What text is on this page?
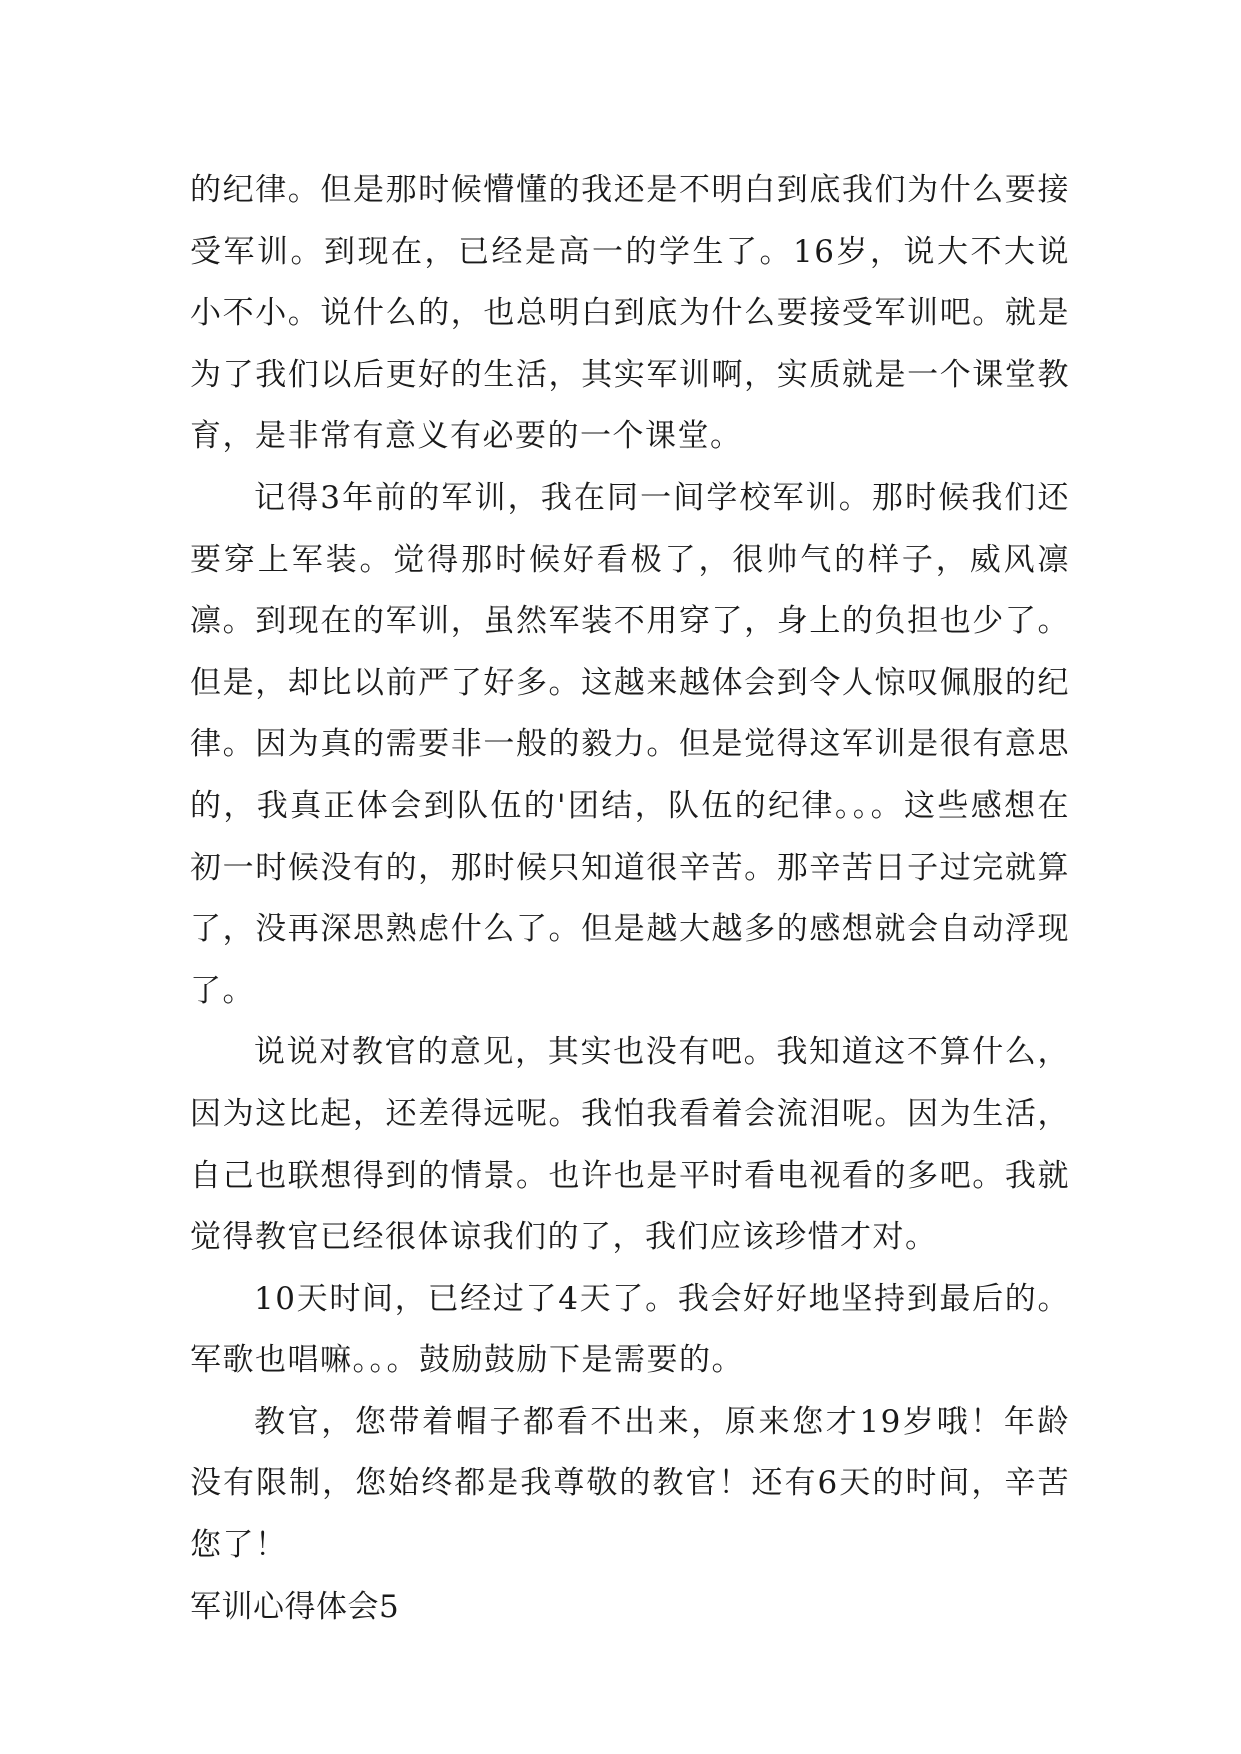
的纪律。但是那时候懵懂的我还是不明白到底我们为什么要接受军训。到现在，已经是高一的学生了。16岁，说大不大说小不小。说什么的，也总明白到底为什么要接受军训吧。就是为了我们以后更好的生活，其实军训啊，实质就是一个课堂教育，是非常有意义有必要的一个课堂。

记得3年前的军训，我在同一间学校军训。那时候我们还要穿上军装。觉得那时候好看极了，很帅气的样子，威风凛凛。到现在的军训，虽然军装不用穿了，身上的负担也少了。但是，却比以前严了好多。这越来越体会到令人惊叹佩服的纪律。因为真的需要非一般的毅力。但是觉得这军训是很有意思的，我真正体会到队伍的'团结，队伍的纪律。。。这些感想在初一时候没有的，那时候只知道很辛苦。那辛苦日子过完就算了，没再深思熟虑什么了。但是越大越多的感想就会自动浮现了。

说说对教官的意见，其实也没有吧。我知道这不算什么，因为这比起，还差得远呢。我怕我看着会流泪呢。因为生活，自己也联想得到的情景。也许也是平时看电视看的多吧。我就觉得教官已经很体谅我们的了，我们应该珍惜才对。

10天时间，已经过了4天了。我会好好地坚持到最后的。军歌也唱嘛。。。鼓励鼓励下是需要的。

教官，您带着帽子都看不出来，原来您才19岁哦！年龄没有限制，您始终都是我尊敬的教官！还有6天的时间，辛苦您了！

军训心得体会5
